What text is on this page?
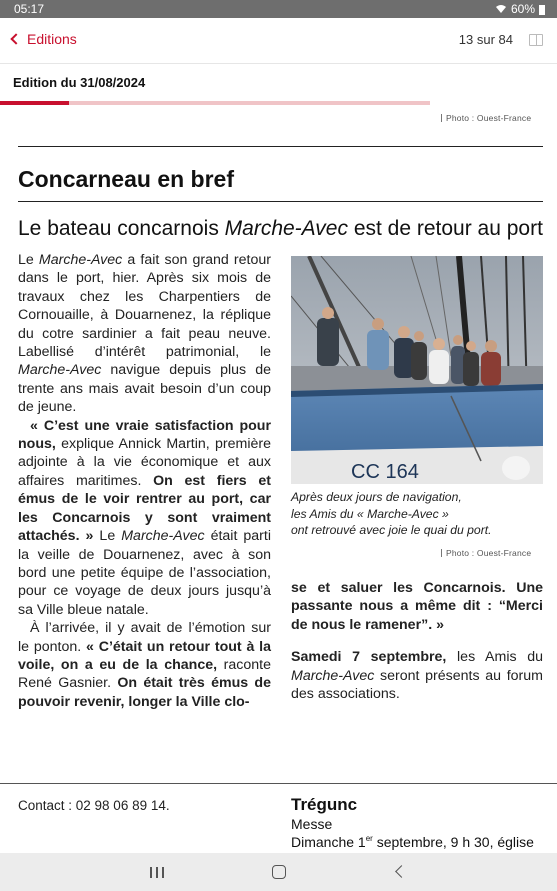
05:17	60%
Editions	13 sur 84
Edition du 31/08/2024
Photo : Ouest-France
Concarneau en bref
Le bateau concarnois Marche-Avec est de retour au port

Le Marche-Avec a fait son grand retour dans le port, hier. Après six mois de travaux chez les Charpentiers de Cornouaille, à Douarnenez, la réplique du cotre sardinier a fait peau neuve. Labellisé d’intérêt patrimonial, le Marche-Avec navigue depuis plus de trente ans mais avait besoin d’un coup de jeune.

« C’est une vraie satisfaction pour nous, explique Annick Martin, première adjointe à la vie économique et aux affaires maritimes. On est fiers et émus de le voir rentrer au port, car les Concarnois y sont vraiment attachés. » Le Marche-Avec était parti la veille de Douarnenez, avec à son bord une petite équipe de l’association, pour ce voyage de deux jours jusqu’à sa Ville bleue natale.

À l’arrivée, il y avait de l’émotion sur le ponton. « C’était un retour tout à la voile, on a eu de la chance, raconte René Gasnier. On était très émus de pouvoir revenir, longer la Ville clo-

CC 164
Après deux jours de navigation,
les Amis du « Marche-Avec »
ont retrouvé avec joie le quai du port.
Photo : Ouest-France

se et saluer les Concarnois. Une passante nous a même dit : “Merci de nous le ramener”. »

Samedi 7 septembre, les Amis du Marche-Avec seront présents au forum des associations.

Contact : 02 98 06 89 14.	Trégunc
Messe
Dimanche 1er septembre, 9 h 30, église
